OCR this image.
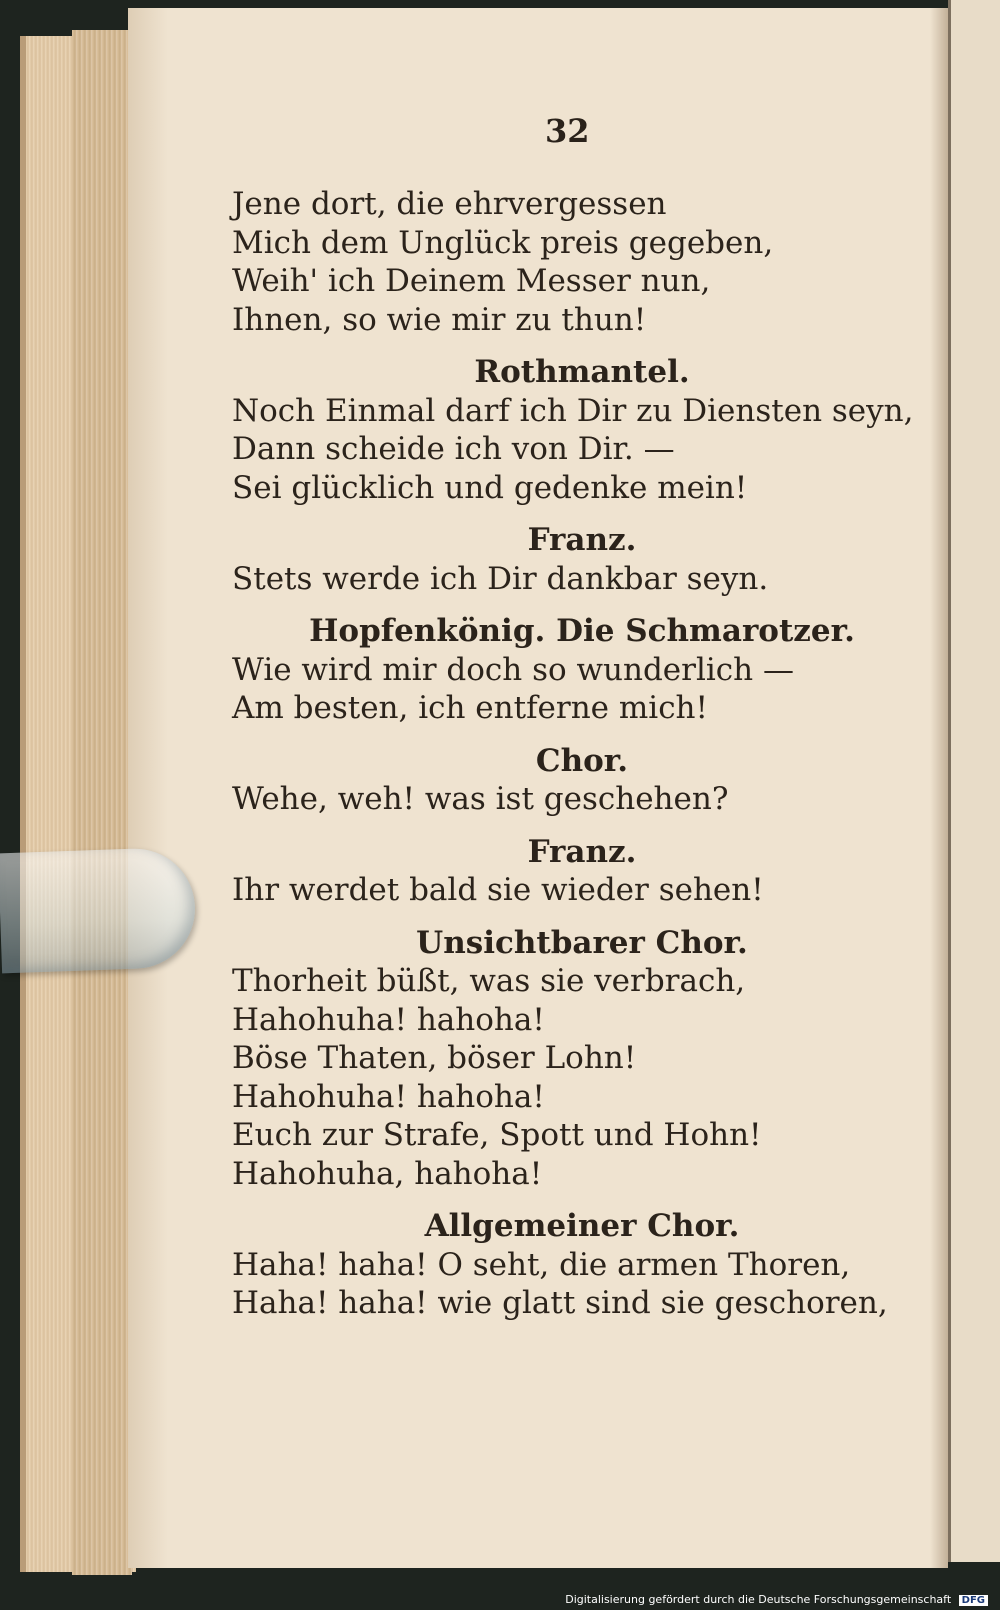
32
Jene dort, die ehrvergessen
Mich dem Unglück preis gegeben,
Weih' ich Deinem Messer nun,
Ihnen, so wie mir zu thun!
Rothmantel.
Noch Einmal darf ich Dir zu Diensten seyn,
Dann scheide ich von Dir. —
Sei glücklich und gedenke mein!
Franz.
Stets werde ich Dir dankbar seyn.
Hopfenkönig. Die Schmarotzer.
Wie wird mir doch so wunderlich —
Am besten, ich entferne mich!
Chor.
Wehe, weh! was ist geschehen?
Franz.
Ihr werdet bald sie wieder sehen!
Unsichtbarer Chor.
Thorheit büßt, was sie verbrach,
Hahohuha! hahoha!
Böse Thaten, böser Lohn!
Hahohuha! hahoha!
Euch zur Strafe, Spott und Hohn!
Hahohuha, hahoha!
Allgemeiner Chor.
Haha! haha! O seht, die armen Thoren,
Haha! haha! wie glatt sind sie geschoren,
Digitalisierung gefördert durch die Deutsche Forschungsgemeinschaft DFG
